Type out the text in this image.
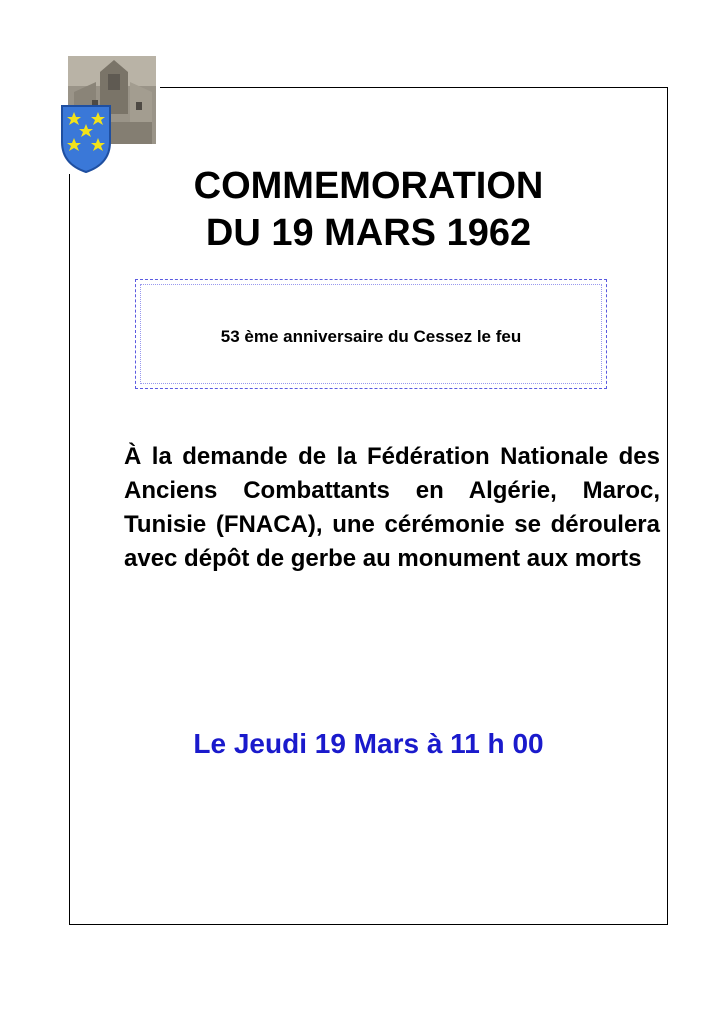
COMMEMORATION
DU 19 MARS 1962
53 ème anniversaire du Cessez le feu
À la demande de la Fédération Nationale des Anciens Combattants en Algérie, Maroc, Tunisie (FNACA), une cérémonie se déroulera avec dépôt de gerbe au monument aux morts
Le Jeudi 19 Mars à 11 h 00
